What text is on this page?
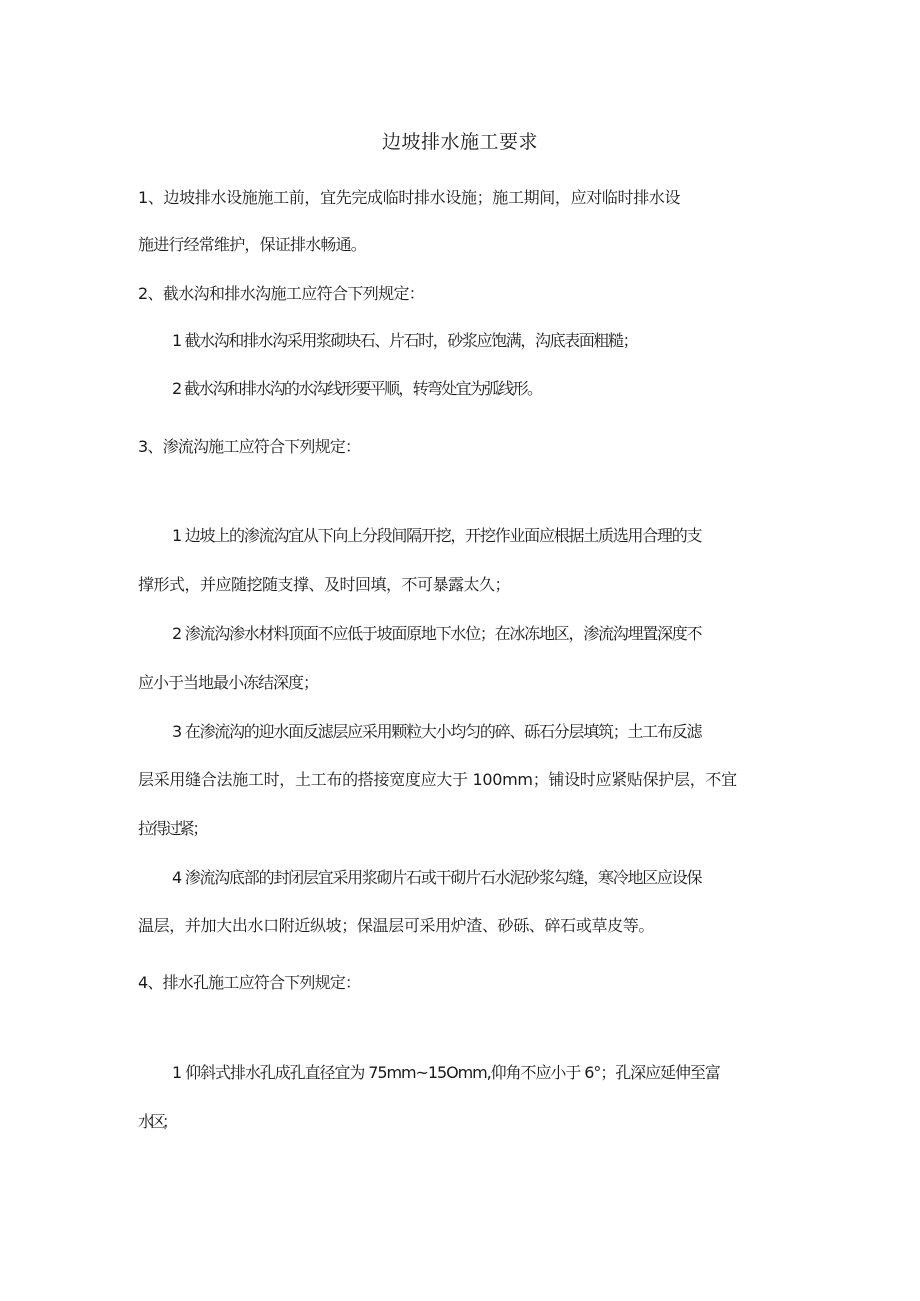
边坡排水施工要求
1、边坡排水设施施工前，宜先完成临时排水设施；施工期间，应对临时排水设
施进行经常维护，保证排水畅通。
2、截水沟和排水沟施工应符合下列规定：
1 截水沟和排水沟采用浆砌块石、片石时，砂浆应饱满，沟底表面粗糙；
2 截水沟和排水沟的水沟线形要平顺，转弯处宜为弧线形。
3、渗流沟施工应符合下列规定：
1 边坡上的渗流沟宜从下向上分段间隔开挖，开挖作业面应根据土质选用合理的支
撑形式，并应随挖随支撑、及时回填，不可暴露太久；
2 渗流沟渗水材料顶面不应低于坡面原地下水位；在冰冻地区，渗流沟埋置深度不
应小于当地最小冻结深度；
3 在渗流沟的迎水面反滤层应采用颗粒大小均匀的碎、砾石分层填筑；土工布反滤
层采用缝合法施工时，土工布的搭接宽度应大于 100mm；铺设时应紧贴保护层，不宜
拉得过紧；
4 渗流沟底部的封闭层宜采用浆砌片石或干砌片石水泥砂浆勾缝，寒冷地区应设保
温层，并加大出水口附近纵坡；保温层可采用炉渣、砂砾、碎石或草皮等。
4、排水孔施工应符合下列规定：
1 仰斜式排水孔成孔直径宜为 75mm~15Omm,仰角不应小于 6°；孔深应延伸至富
水区；
